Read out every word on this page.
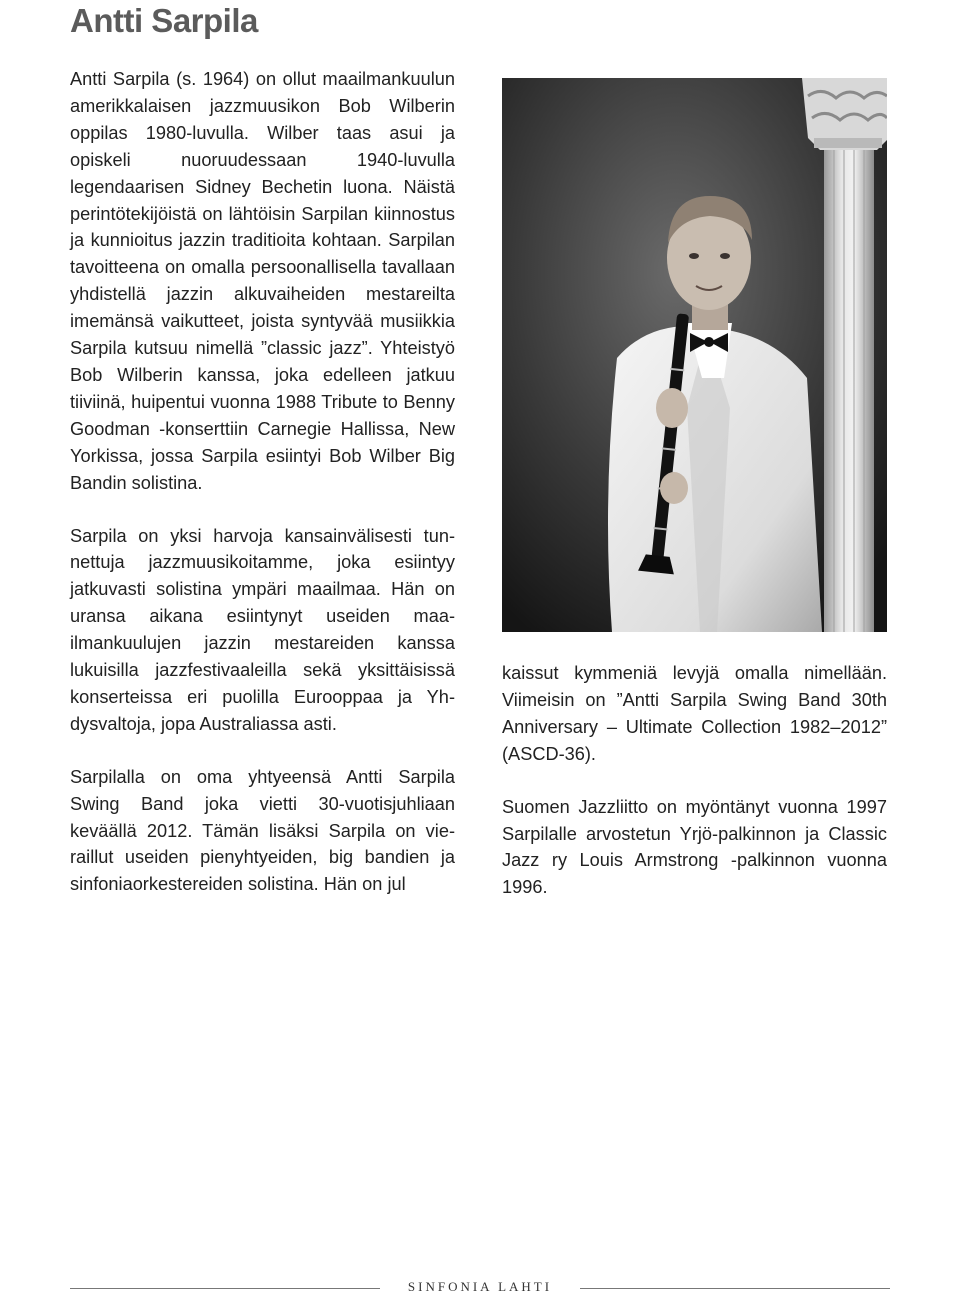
Antti Sarpila

Antti Sarpila (s. 1964) on ollut maailmankuulun amerikkalaisen jazzmuusikon Bob Wilberin oppilas 1980-luvulla. Wilber taas asui ja opiskeli nuoruudessaan 1940-luvulla legendaarisen Sidney Bechetin luona. Näistä perintötekijöistä on lähtöisin Sarpilan kiinnostus ja kunnioitus jazzin traditioita kohtaan. Sarpilan tavoitteena on omalla persoonallisella tavallaan yhdistellä jazzin alkuvaiheiden mestareilta imemänsä vaikutteet, joista syntyvää musiikkia Sarpila kutsuu nimellä ”classic jazz”. Yhteistyö Bob Wilberin kanssa, joka edelleen jatkuu tiiviinä, huipentui vuonna 1988 Tribute to Benny Goodman -konserttiin Carnegie Hallissa, New Yorkissa, jossa Sarpila esiintyi Bob Wilber Big Bandin solistina.

Sarpila on yksi harvoja kansainvälisesti tunnettuja jazzmuusikoitamme, joka esiintyy jatkuvasti solistina ympäri maailmaa. Hän on uransa aikana esiintynyt useiden maailmankuulujen jazzin mestareiden kanssa lukuisilla jazzfestivaaleilla sekä yksittäisissä konserteissa eri puolilla Eurooppaa ja Yhdysvaltoja, jopa Australiassa asti.

Sarpilalla on oma yhtyeensä Antti Sarpila Swing Band joka vietti 30-vuotisjuhliaan keväällä 2012. Tämän lisäksi Sarpila on vieraillut useiden pienyhtyeiden, big bandien ja sinfoniaorkestereiden solistina. Hän on jul

kaissut kymmeniä levyjä omalla nimellään. Viimeisin on ”Antti Sarpila Swing Band 30th Anniversary – Ultimate Collection 1982–2012” (ASCD-36).

Suomen Jazzliitto on myöntänyt vuonna 1997 Sarpilalle arvostetun Yrjö-palkinnon ja Classic Jazz ry Louis Armstrong -palkinnon vuonna 1996.

SINFONIA LAHTI
